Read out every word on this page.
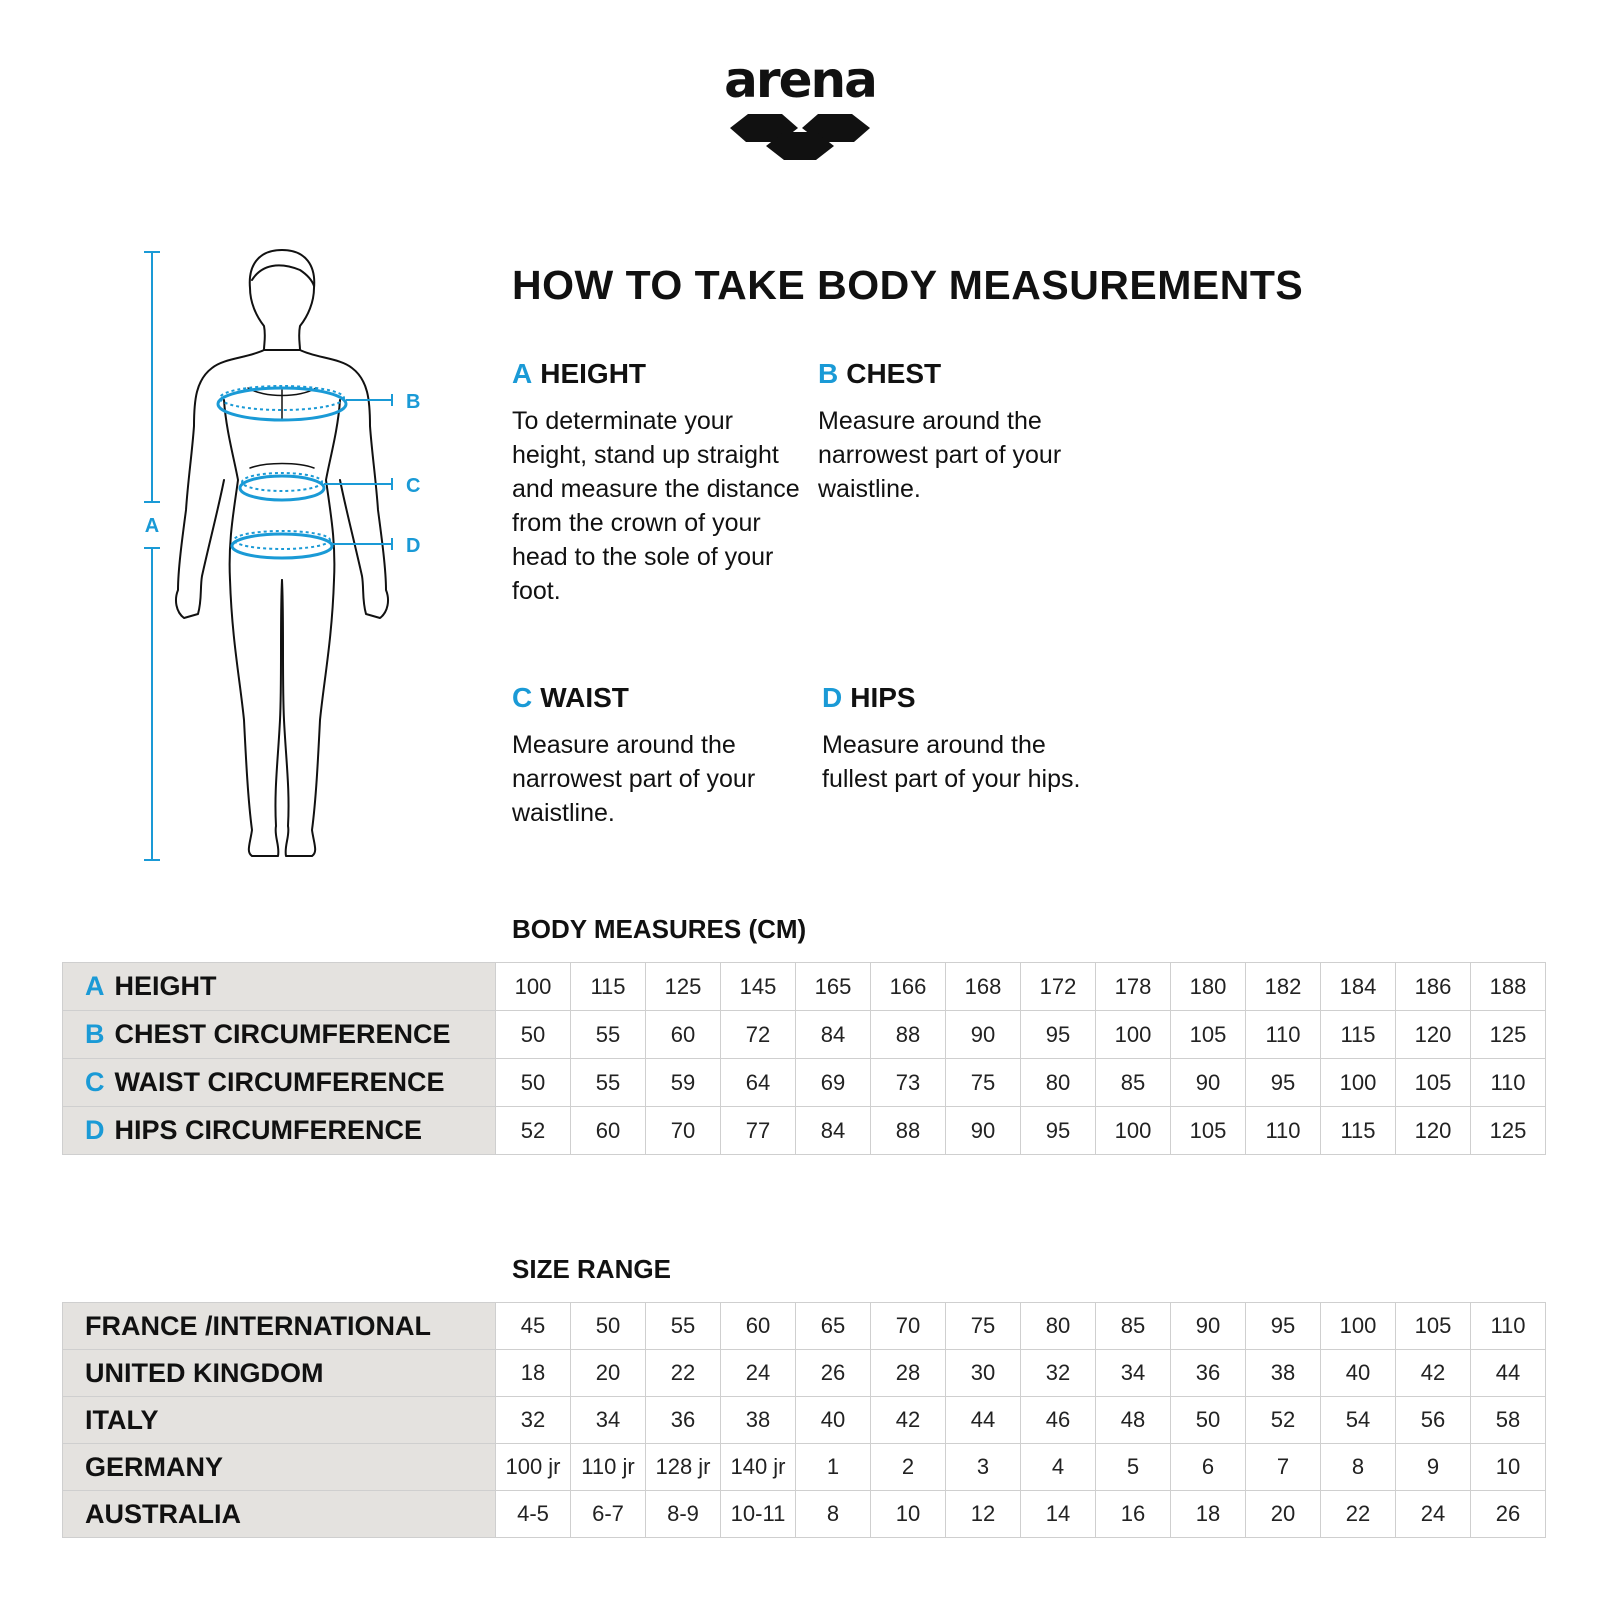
arena
A
B
C
D
HOW TO TAKE BODY MEASUREMENTS

A HEIGHT

To determinate your height, stand up straight and measure the distance from the crown of your head to the sole of your foot.

B CHEST

Measure around the narrowest part of your waistline.

C WAIST

Measure around the narrowest part of your waistline.

D HIPS

Measure around the fullest part of your hips.

BODY MEASURES (CM)
A HEIGHT	100	115	125	145	165	166	168	172	178	180	182	184	186	188
B CHEST CIRCUMFERENCE	50	55	60	72	84	88	90	95	100	105	110	115	120	125
C WAIST CIRCUMFERENCE	50	55	59	64	69	73	75	80	85	90	95	100	105	110
D HIPS CIRCUMFERENCE	52	60	70	77	84	88	90	95	100	105	110	115	120	125
SIZE RANGE
FRANCE /INTERNATIONAL	45	50	55	60	65	70	75	80	85	90	95	100	105	110
UNITED KINGDOM	18	20	22	24	26	28	30	32	34	36	38	40	42	44
ITALY	32	34	36	38	40	42	44	46	48	50	52	54	56	58
GERMANY	100 jr	110 jr	128 jr	140 jr	1	2	3	4	5	6	7	8	9	10
AUSTRALIA	4-5	6-7	8-9	10-11	8	10	12	14	16	18	20	22	24	26
